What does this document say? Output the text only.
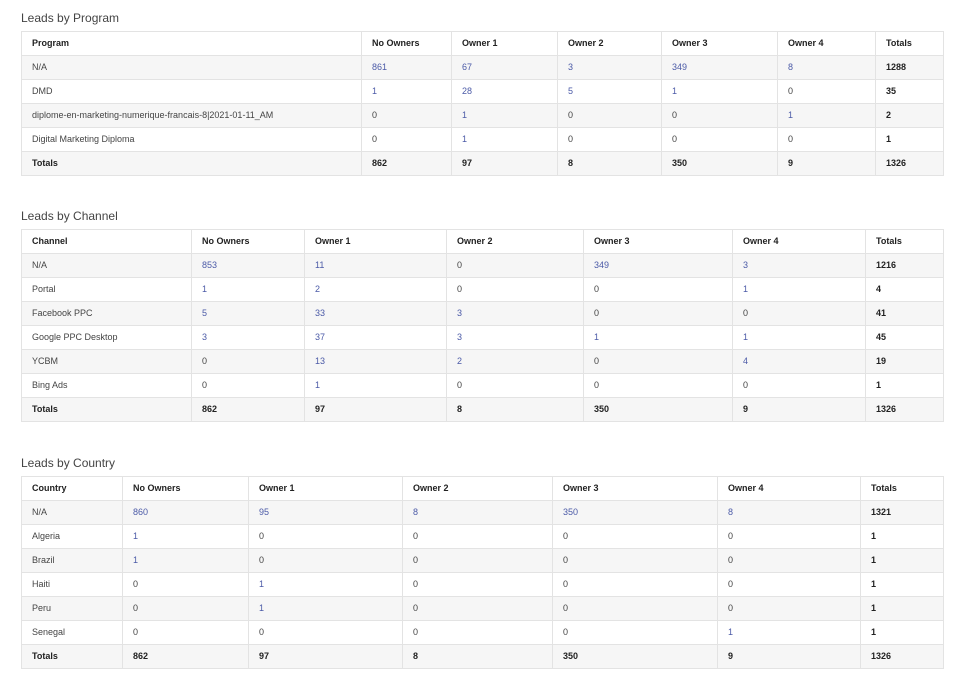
Leads by Program
Program	No Owners	Owner 1	Owner 2	Owner 3	Owner 4	Totals
N/A	861	67	3	349	8	1288
DMD	1	28	5	1	0	35
diplome-en-marketing-numerique-francais-8|2021-01-11_AM	0	1	0	0	1	2
Digital Marketing Diploma	0	1	0	0	0	1
Totals	862	97	8	350	9	1326
Leads by Channel
Channel	No Owners	Owner 1	Owner 2	Owner 3	Owner 4	Totals
N/A	853	11	0	349	3	1216
Portal	1	2	0	0	1	4
Facebook PPC	5	33	3	0	0	41
Google PPC Desktop	3	37	3	1	1	45
YCBM	0	13	2	0	4	19
Bing Ads	0	1	0	0	0	1
Totals	862	97	8	350	9	1326
Leads by Country
Country	No Owners	Owner 1	Owner 2	Owner 3	Owner 4	Totals
N/A	860	95	8	350	8	1321
Algeria	1	0	0	0	0	1
Brazil	1	0	0	0	0	1
Haiti	0	1	0	0	0	1
Peru	0	1	0	0	0	1
Senegal	0	0	0	0	1	1
Totals	862	97	8	350	9	1326
